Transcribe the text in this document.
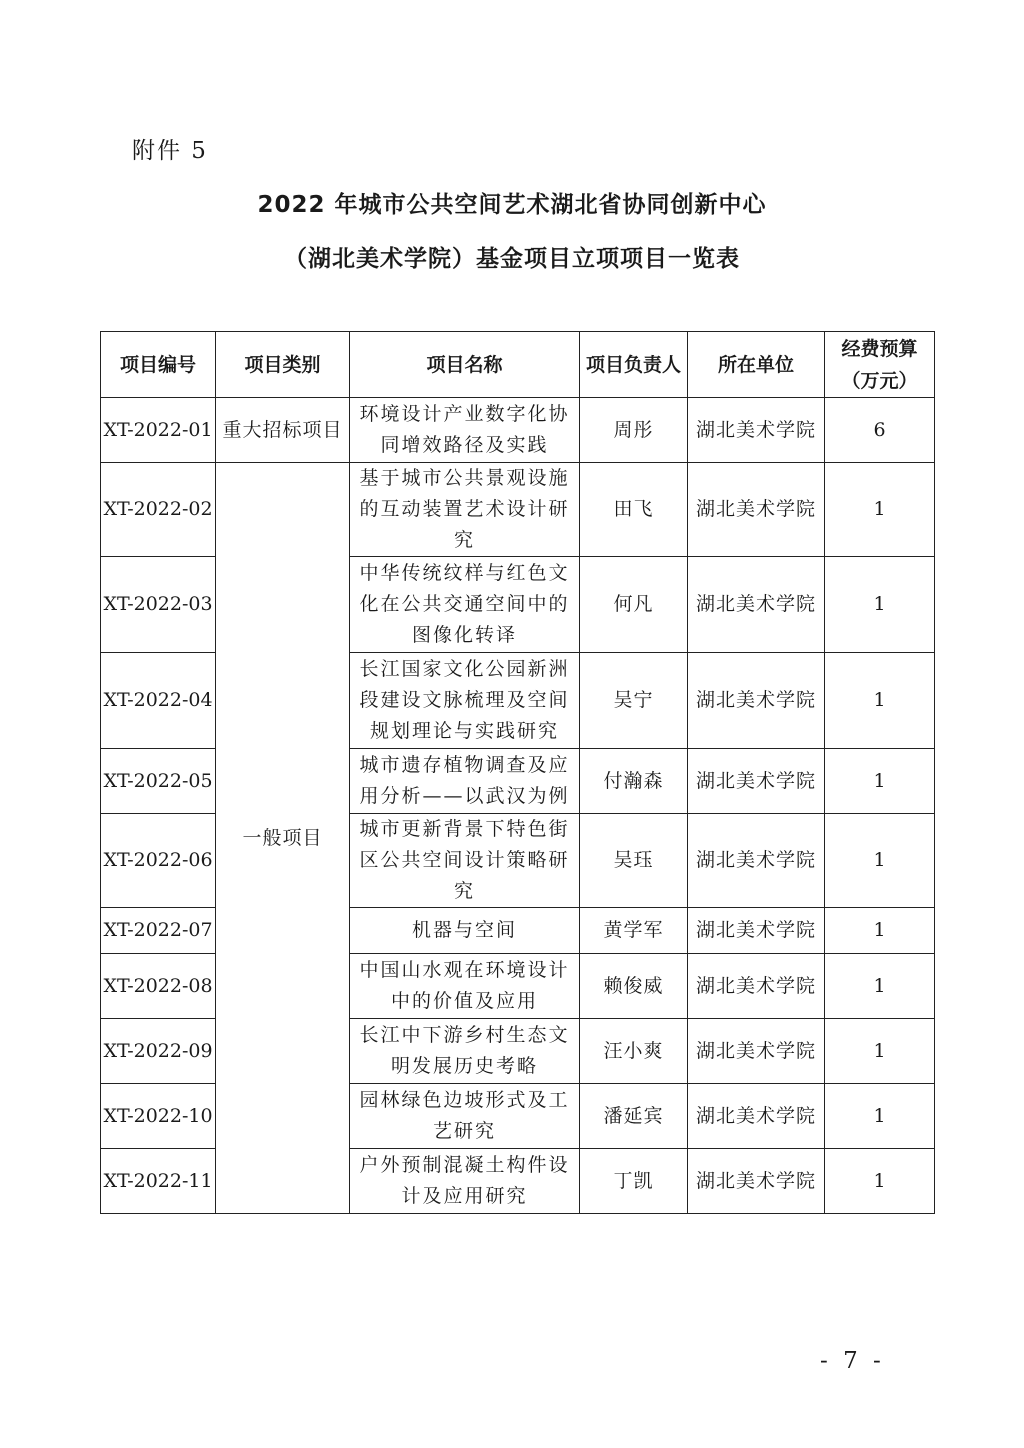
附件 5
2022 年城市公共空间艺术湖北省协同创新中心
（湖北美术学院）基金项目立项项目一览表
项目编号	项目类别	项目名称	项目负责人	所在单位	经费预算
（万元）
XT-2022-01	重大招标项目	环境设计产业数字化协同增效路径及实践	周彤	湖北美术学院	6
XT-2022-02	一般项目	基于城市公共景观设施的互动装置艺术设计研究	田飞	湖北美术学院	1
XT-2022-03		中华传统纹样与红色文化在公共交通空间中的图像化转译	何凡	湖北美术学院	1
XT-2022-04		长江国家文化公园新洲段建设文脉梳理及空间规划理论与实践研究	吴宁	湖北美术学院	1
XT-2022-05		城市遗存植物调查及应用分析——以武汉为例	付瀚森	湖北美术学院	1
XT-2022-06		城市更新背景下特色街区公共空间设计策略研究	吴珏	湖北美术学院	1
XT-2022-07		机器与空间	黄学军	湖北美术学院	1
XT-2022-08		中国山水观在环境设计中的价值及应用	赖俊威	湖北美术学院	1
XT-2022-09		长江中下游乡村生态文明发展历史考略	汪小爽	湖北美术学院	1
XT-2022-10		园林绿色边坡形式及工艺研究	潘延宾	湖北美术学院	1
XT-2022-11		户外预制混凝土构件设计及应用研究	丁凯	湖北美术学院	1
- 7 -
